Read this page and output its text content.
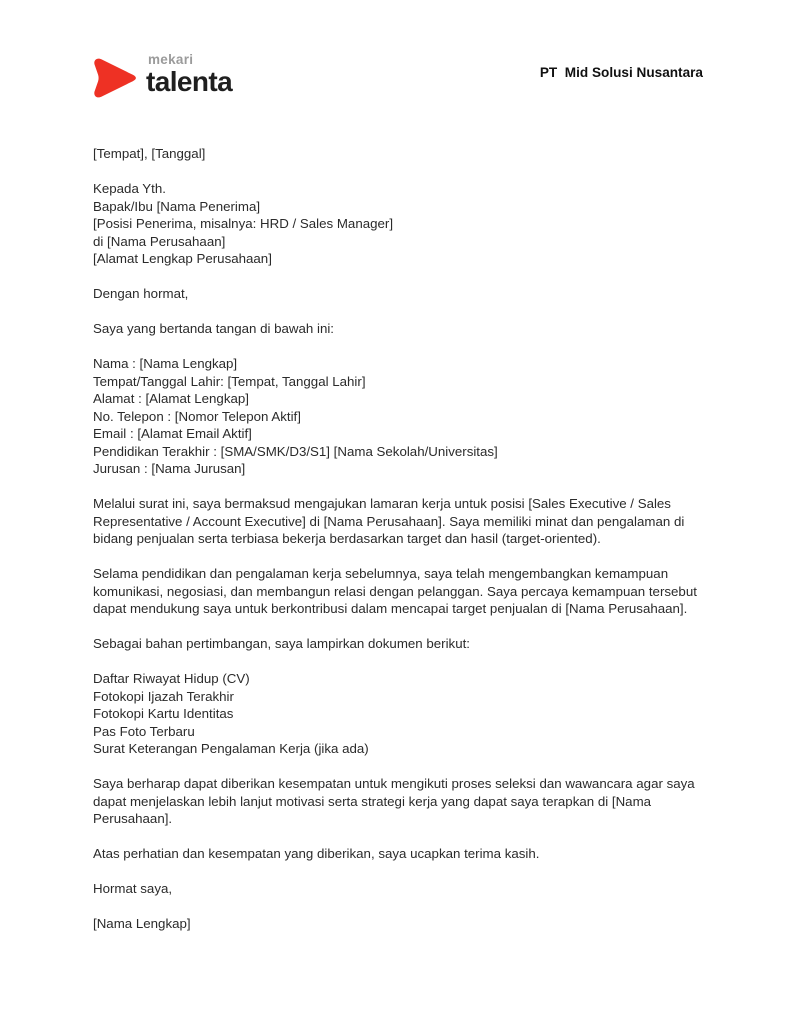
mekari
talenta	PT  Mid Solusi Nusantara
[Tempat], [Tanggal]
Kepada Yth.
Bapak/Ibu [Nama Penerima]
[Posisi Penerima, misalnya: HRD / Sales Manager]
di [Nama Perusahaan]
[Alamat Lengkap Perusahaan]
Dengan hormat,
Saya yang bertanda tangan di bawah ini:
Nama : [Nama Lengkap]
Tempat/Tanggal Lahir: [Tempat, Tanggal Lahir]
Alamat : [Alamat Lengkap]
No. Telepon : [Nomor Telepon Aktif]
Email : [Alamat Email Aktif]
Pendidikan Terakhir : [SMA/SMK/D3/S1] [Nama Sekolah/Universitas]
Jurusan : [Nama Jurusan]
Melalui surat ini, saya bermaksud mengajukan lamaran kerja untuk posisi [Sales Executive / Sales Representative / Account Executive] di [Nama Perusahaan]. Saya memiliki minat dan pengalaman di bidang penjualan serta terbiasa bekerja berdasarkan target dan hasil (target-oriented).
Selama pendidikan dan pengalaman kerja sebelumnya, saya telah mengembangkan kemampuan komunikasi, negosiasi, dan membangun relasi dengan pelanggan. Saya percaya kemampuan tersebut dapat mendukung saya untuk berkontribusi dalam mencapai target penjualan di [Nama Perusahaan].
Sebagai bahan pertimbangan, saya lampirkan dokumen berikut:
Daftar Riwayat Hidup (CV)
Fotokopi Ijazah Terakhir
Fotokopi Kartu Identitas
Pas Foto Terbaru
Surat Keterangan Pengalaman Kerja (jika ada)
Saya berharap dapat diberikan kesempatan untuk mengikuti proses seleksi dan wawancara agar saya dapat menjelaskan lebih lanjut motivasi serta strategi kerja yang dapat saya terapkan di [Nama Perusahaan].
Atas perhatian dan kesempatan yang diberikan, saya ucapkan terima kasih.
Hormat saya,
[Nama Lengkap]
